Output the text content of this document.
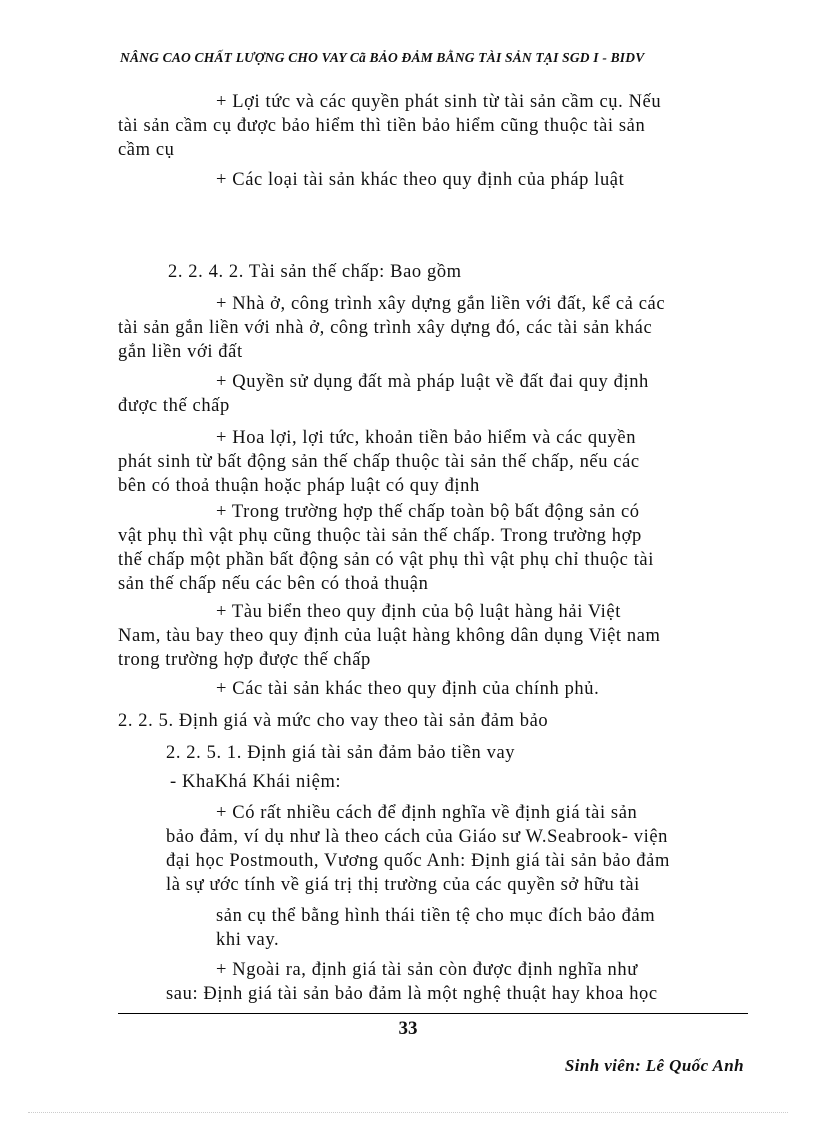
NÂNG CAO CHẤT LƯỢNG CHO VAY Cã BẢO ĐẢM BẰNG TÀI SẢN TẠI SGD I - BIDV
+ Lợi tức và các quyền phát sinh từ tài sản cầm cụ. Nếu
tài sản cầm cụ được bảo hiểm thì tiền bảo hiểm cũng thuộc tài sản
cầm cụ
+ Các loại tài sản khác theo quy định của pháp luật
2. 2. 4. 2. Tài sản thế chấp: Bao gồm
+ Nhà ở, công trình xây dựng gắn liền với đất, kể cả các
tài sản gắn liền với nhà ở, công trình xây dựng đó, các tài sản khác
gắn liền với đất
+ Quyền sử dụng đất mà pháp luật về đất đai quy định
được thế chấp
+ Hoa lợi, lợi tức, khoản tiền bảo hiểm và các quyền
phát sinh từ bất động sản thế chấp thuộc tài sản thế chấp, nếu các
bên có thoả thuận hoặc pháp luật có quy định
+ Trong trường hợp thế chấp toàn bộ bất động sản có
vật phụ thì vật phụ cũng thuộc tài sản thế chấp. Trong trường hợp
thế chấp một phần bất động sản có vật phụ thì vật phụ chỉ thuộc tài
sản thế chấp nếu các bên có thoả thuận
+ Tàu biển theo quy định của bộ luật hàng hải Việt
Nam, tàu bay theo quy định của luật hàng không dân dụng Việt nam
trong trường hợp được thế chấp
+ Các tài sản khác theo quy định của chính phủ.
2. 2. 5. Định giá và mức cho vay theo tài sản đảm bảo
2. 2. 5. 1. Định giá tài sản đảm bảo tiền vay
- KhaKhá Khái niệm:
+ Có rất nhiều cách để định nghĩa về định giá tài sản
bảo đảm, ví dụ như là theo cách của Giáo sư W.Seabrook- viện
đại học Postmouth, Vương quốc Anh: Định giá tài sản bảo đảm
là sự ước tính về giá trị thị trường của các quyền sở hữu tài
sản cụ thể bằng hình thái tiền tệ cho mục đích bảo đảm
khi vay.
+ Ngoài ra, định giá tài sản còn được định nghĩa như
sau: Định giá tài sản bảo đảm là một nghệ thuật hay khoa học
33
Sinh viên: Lê Quốc Anh
